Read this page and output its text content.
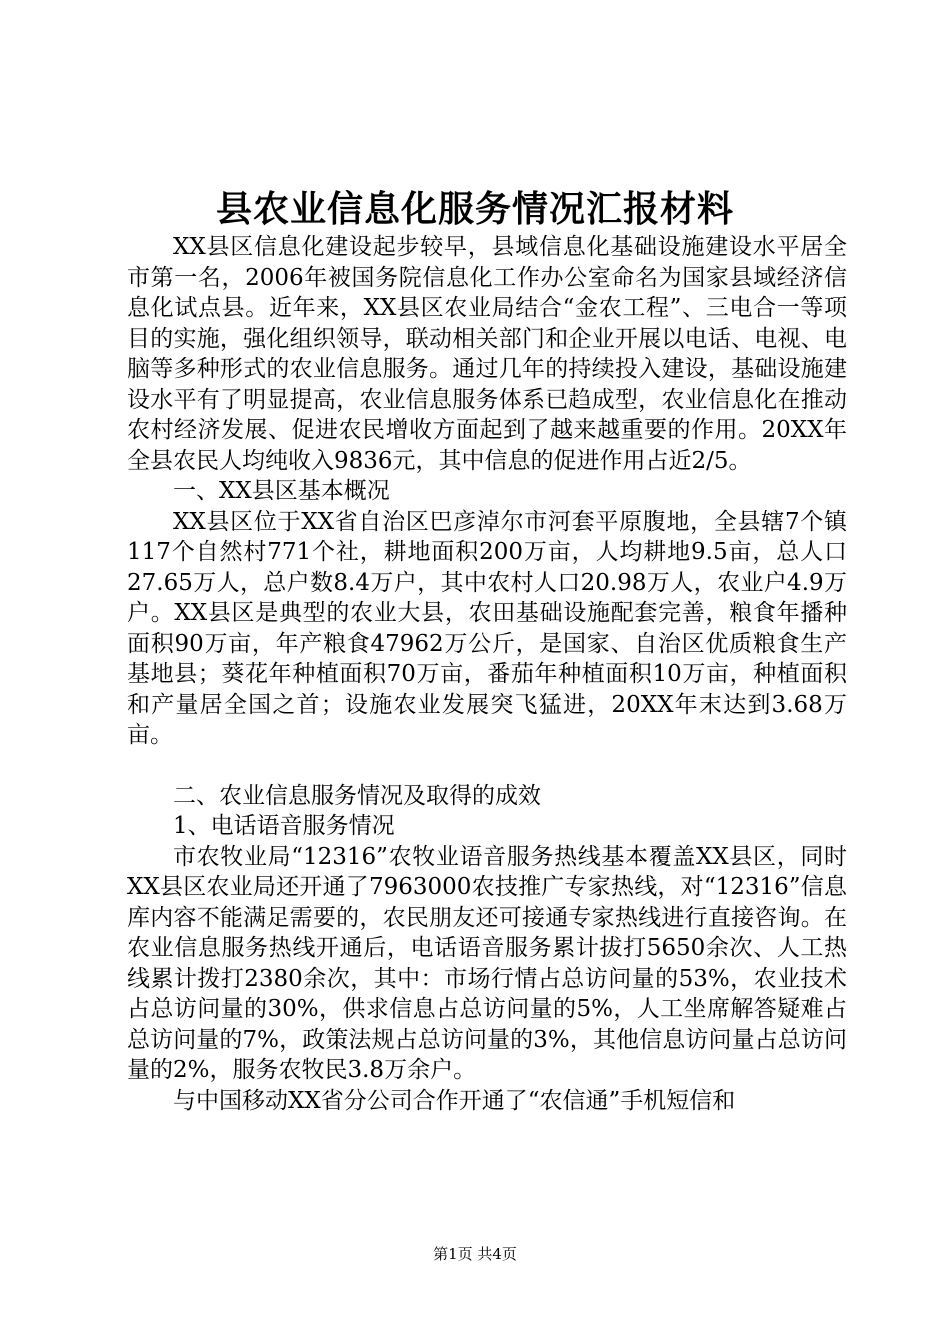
县农业信息化服务情况汇报材料

XX县区信息化建设起步较早，县域信息化基础设施建设水平居全市第一名，2006年被国务院信息化工作办公室命名为国家县域经济信息化试点县。近年来，XX县区农业局结合“金农工程”、三电合一等项目的实施，强化组织领导，联动相关部门和企业开展以电话、电视、电脑等多种形式的农业信息服务。通过几年的持续投入建设，基础设施建设水平有了明显提高，农业信息服务体系已趋成型，农业信息化在推动农村经济发展、促进农民增收方面起到了越来越重要的作用。20XX年全县农民人均纯收入9836元，其中信息的促进作用占近2/5。

一、XX县区基本概况

XX县区位于XX省自治区巴彦淖尔市河套平原腹地，全县辖7个镇117个自然村771个社，耕地面积200万亩，人均耕地9.5亩，总人口27.65万人，总户数8.4万户，其中农村人口20.98万人，农业户4.9万户。XX县区是典型的农业大县，农田基础设施配套完善，粮食年播种面积90万亩，年产粮食47962万公斤，是国家、自治区优质粮食生产基地县；葵花年种植面积70万亩，番茄年种植面积10万亩，种植面积和产量居全国之首；设施农业发展突飞猛进，20XX年末达到3.68万亩。

二、农业信息服务情况及取得的成效

1、电话语音服务情况

市农牧业局“12316”农牧业语音服务热线基本覆盖XX县区，同时XX县区农业局还开通了7963000农技推广专家热线，对“12316”信息库内容不能满足需要的，农民朋友还可接通专家热线进行直接咨询。在农业信息服务热线开通后，电话语音服务累计拔打5650余次、人工热线累计拨打2380余次，其中：市场行情占总访问量的53%，农业技术占总访问量的30%，供求信息占总访问量的5%，人工坐席解答疑难占总访问量的7%，政策法规占总访问量的3%，其他信息访问量占总访问量的2%，服务农牧民3.8万余户。

与中国移动XX省分公司合作开通了“农信通”手机短信和

第1页 共4页
